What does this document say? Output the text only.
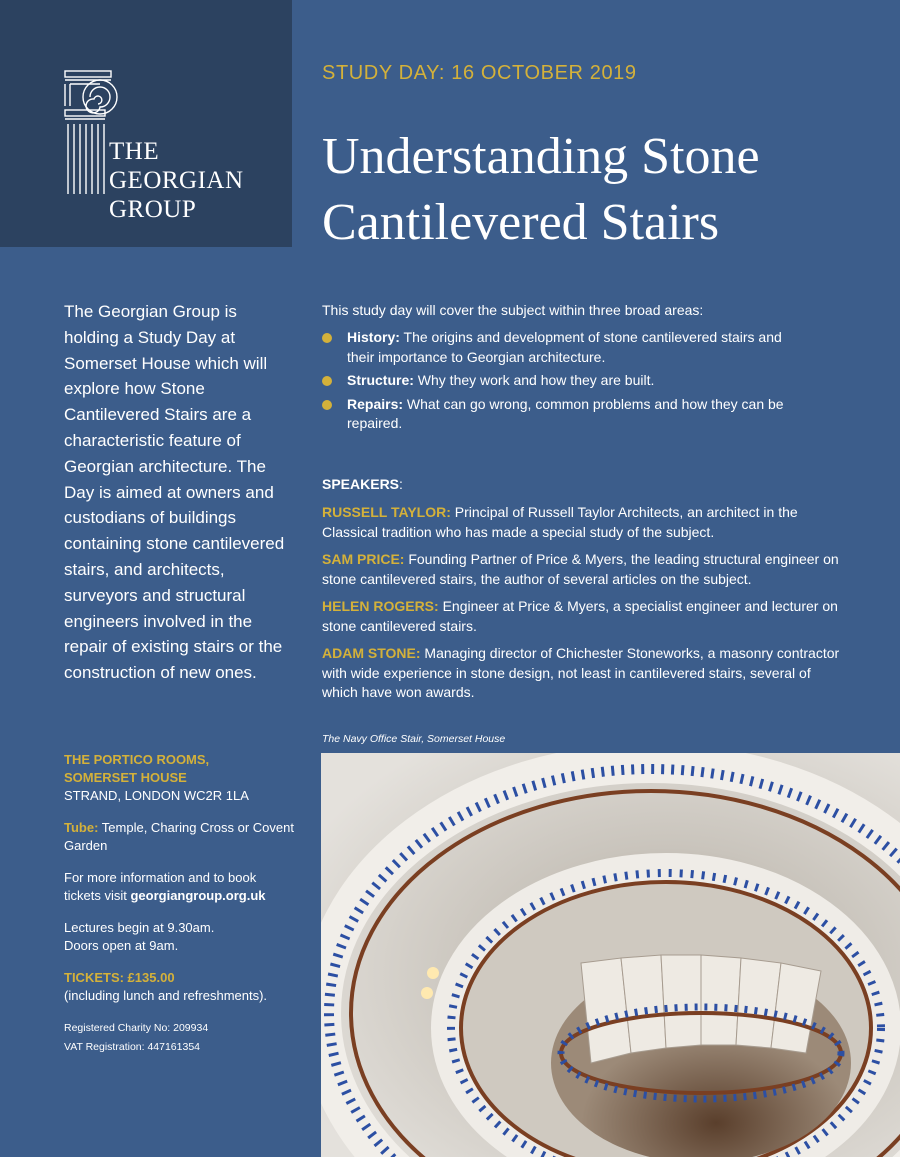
THE
GEORGIAN
GROUP
STUDY DAY: 16 OCTOBER 2019
Understanding Stone
Cantilevered Stairs
The Georgian Group is holding a Study Day at Somerset House which will explore how Stone Cantilevered Stairs are a characteristic feature of Georgian architecture. The Day is aimed at owners and custodians of buildings containing stone cantilevered stairs, and architects, surveyors and structural engineers involved in the repair of existing stairs or the construction of new ones.
This study day will cover the subject within three broad areas:
History: The origins and development of stone cantilevered stairs and their importance to Georgian architecture.
Structure: Why they work and how they are built.
Repairs: What can go wrong, common problems and how they can be repaired.
SPEAKERS:
RUSSELL TAYLOR: Principal of Russell Taylor Architects, an architect in the Classical tradition who has made a special study of the subject.
SAM PRICE: Founding Partner of Price & Myers, the leading structural engineer on stone cantilevered stairs, the author of several articles on the subject.
HELEN ROGERS: Engineer at Price & Myers, a specialist engineer and lecturer on stone cantilevered stairs.
ADAM STONE: Managing director of Chichester Stoneworks, a masonry contractor with wide experience in stone design, not least in cantilevered stairs, several of which have won awards.
The Navy Office Stair, Somerset House

THE PORTICO ROOMS,

SOMERSET HOUSE

STRAND, LONDON WC2R 1LA

Tube: Temple, Charing Cross or Covent Garden

For more information and to book tickets visit georgiangroup.org.uk

Lectures begin at 9.30am.

Doors open at 9am.

TICKETS: £135.00

(including lunch and refreshments).

Registered Charity No: 209934

VAT Registration: 447161354
